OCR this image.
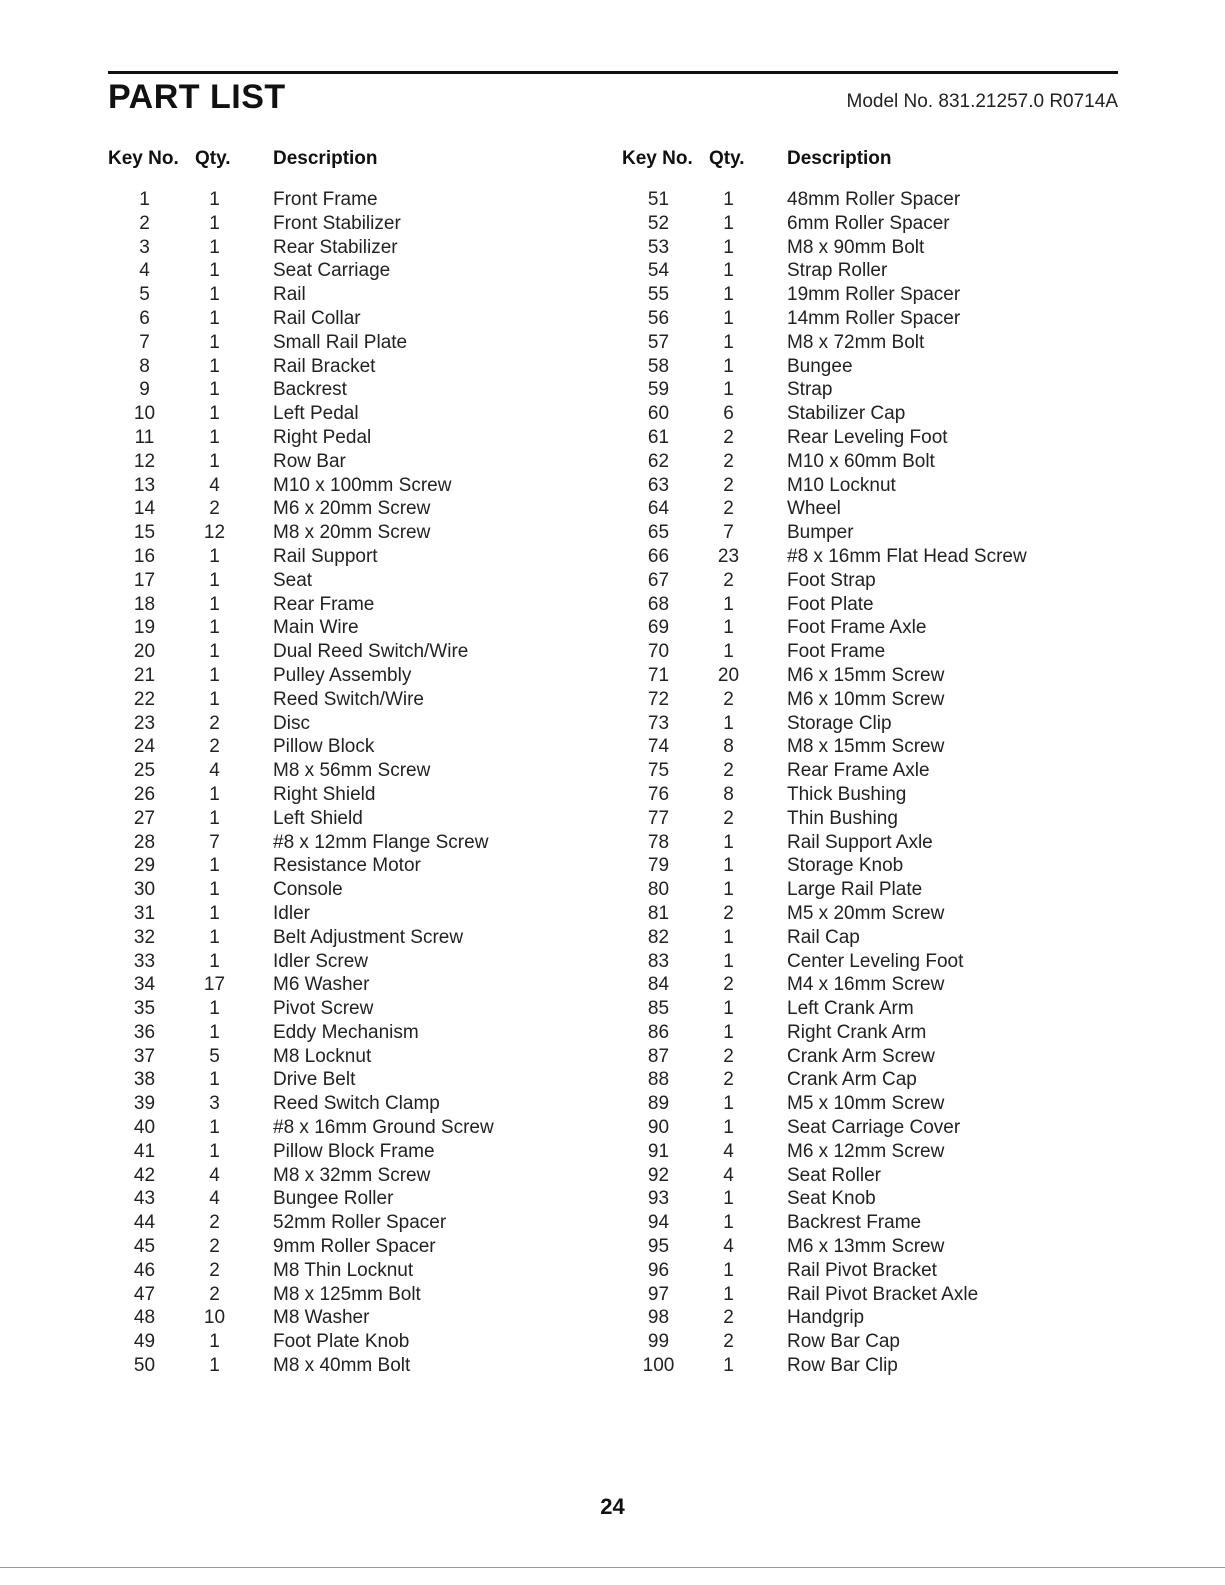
PART LIST	Model No. 831.21257.0 R0714A
Key No. Qty. Description
1	1	Front Frame
2	1	Front Stabilizer
3	1	Rear Stabilizer
4	1	Seat Carriage
5	1	Rail
6	1	Rail Collar
7	1	Small Rail Plate
8	1	Rail Bracket
9	1	Backrest
10	1	Left Pedal
11	1	Right Pedal
12	1	Row Bar
13	4	M10 x 100mm Screw
14	2	M6 x 20mm Screw
15	12	M8 x 20mm Screw
16	1	Rail Support
17	1	Seat
18	1	Rear Frame
19	1	Main Wire
20	1	Dual Reed Switch/Wire
21	1	Pulley Assembly
22	1	Reed Switch/Wire
23	2	Disc
24	2	Pillow Block
25	4	M8 x 56mm Screw
26	1	Right Shield
27	1	Left Shield
28	7	#8 x 12mm Flange Screw
29	1	Resistance Motor
30	1	Console
31	1	Idler
32	1	Belt Adjustment Screw
33	1	Idler Screw
34	17	M6 Washer
35	1	Pivot Screw
36	1	Eddy Mechanism
37	5	M8 Locknut
38	1	Drive Belt
39	3	Reed Switch Clamp
40	1	#8 x 16mm Ground Screw
41	1	Pillow Block Frame
42	4	M8 x 32mm Screw
43	4	Bungee Roller
44	2	52mm Roller Spacer
45	2	9mm Roller Spacer
46	2	M8 Thin Locknut
47	2	M8 x 125mm Bolt
48	10	M8 Washer
49	1	Foot Plate Knob
50	1	M8 x 40mm Bolt
Key No. Qty. Description
51	1	48mm Roller Spacer
52	1	6mm Roller Spacer
53	1	M8 x 90mm Bolt
54	1	Strap Roller
55	1	19mm Roller Spacer
56	1	14mm Roller Spacer
57	1	M8 x 72mm Bolt
58	1	Bungee
59	1	Strap
60	6	Stabilizer Cap
61	2	Rear Leveling Foot
62	2	M10 x 60mm Bolt
63	2	M10 Locknut
64	2	Wheel
65	7	Bumper
66	23	#8 x 16mm Flat Head Screw
67	2	Foot Strap
68	1	Foot Plate
69	1	Foot Frame Axle
70	1	Foot Frame
71	20	M6 x 15mm Screw
72	2	M6 x 10mm Screw
73	1	Storage Clip
74	8	M8 x 15mm Screw
75	2	Rear Frame Axle
76	8	Thick Bushing
77	2	Thin Bushing
78	1	Rail Support Axle
79	1	Storage Knob
80	1	Large Rail Plate
81	2	M5 x 20mm Screw
82	1	Rail Cap
83	1	Center Leveling Foot
84	2	M4 x 16mm Screw
85	1	Left Crank Arm
86	1	Right Crank Arm
87	2	Crank Arm Screw
88	2	Crank Arm Cap
89	1	M5 x 10mm Screw
90	1	Seat Carriage Cover
91	4	M6 x 12mm Screw
92	4	Seat Roller
93	1	Seat Knob
94	1	Backrest Frame
95	4	M6 x 13mm Screw
96	1	Rail Pivot Bracket
97	1	Rail Pivot Bracket Axle
98	2	Handgrip
99	2	Row Bar Cap
100	1	Row Bar Clip
24
